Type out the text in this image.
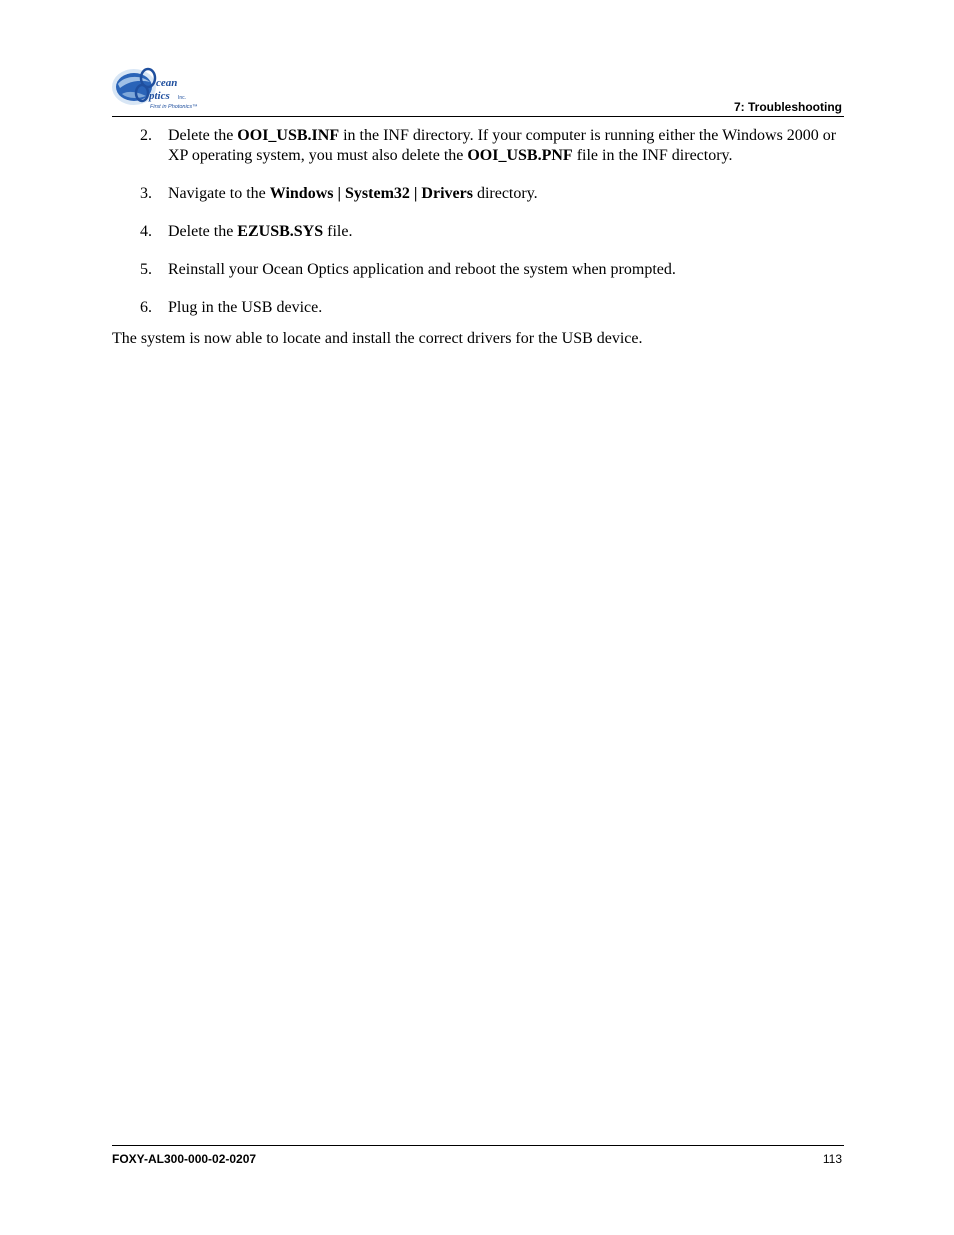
cean
ptics Inc.
First in Photonics™	7: Troubleshooting
2. Delete the OOI_USB.INF in the INF directory. If your computer is running either the Windows 2000 or XP operating system, you must also delete the OOI_USB.PNF file in the INF directory.
3. Navigate to the Windows | System32 | Drivers directory.
4. Delete the EZUSB.SYS file.
5. Reinstall your Ocean Optics application and reboot the system when prompted.
6. Plug in the USB device.

The system is now able to locate and install the correct drivers for the USB device.

FOXY-AL300-000-02-0207	113
